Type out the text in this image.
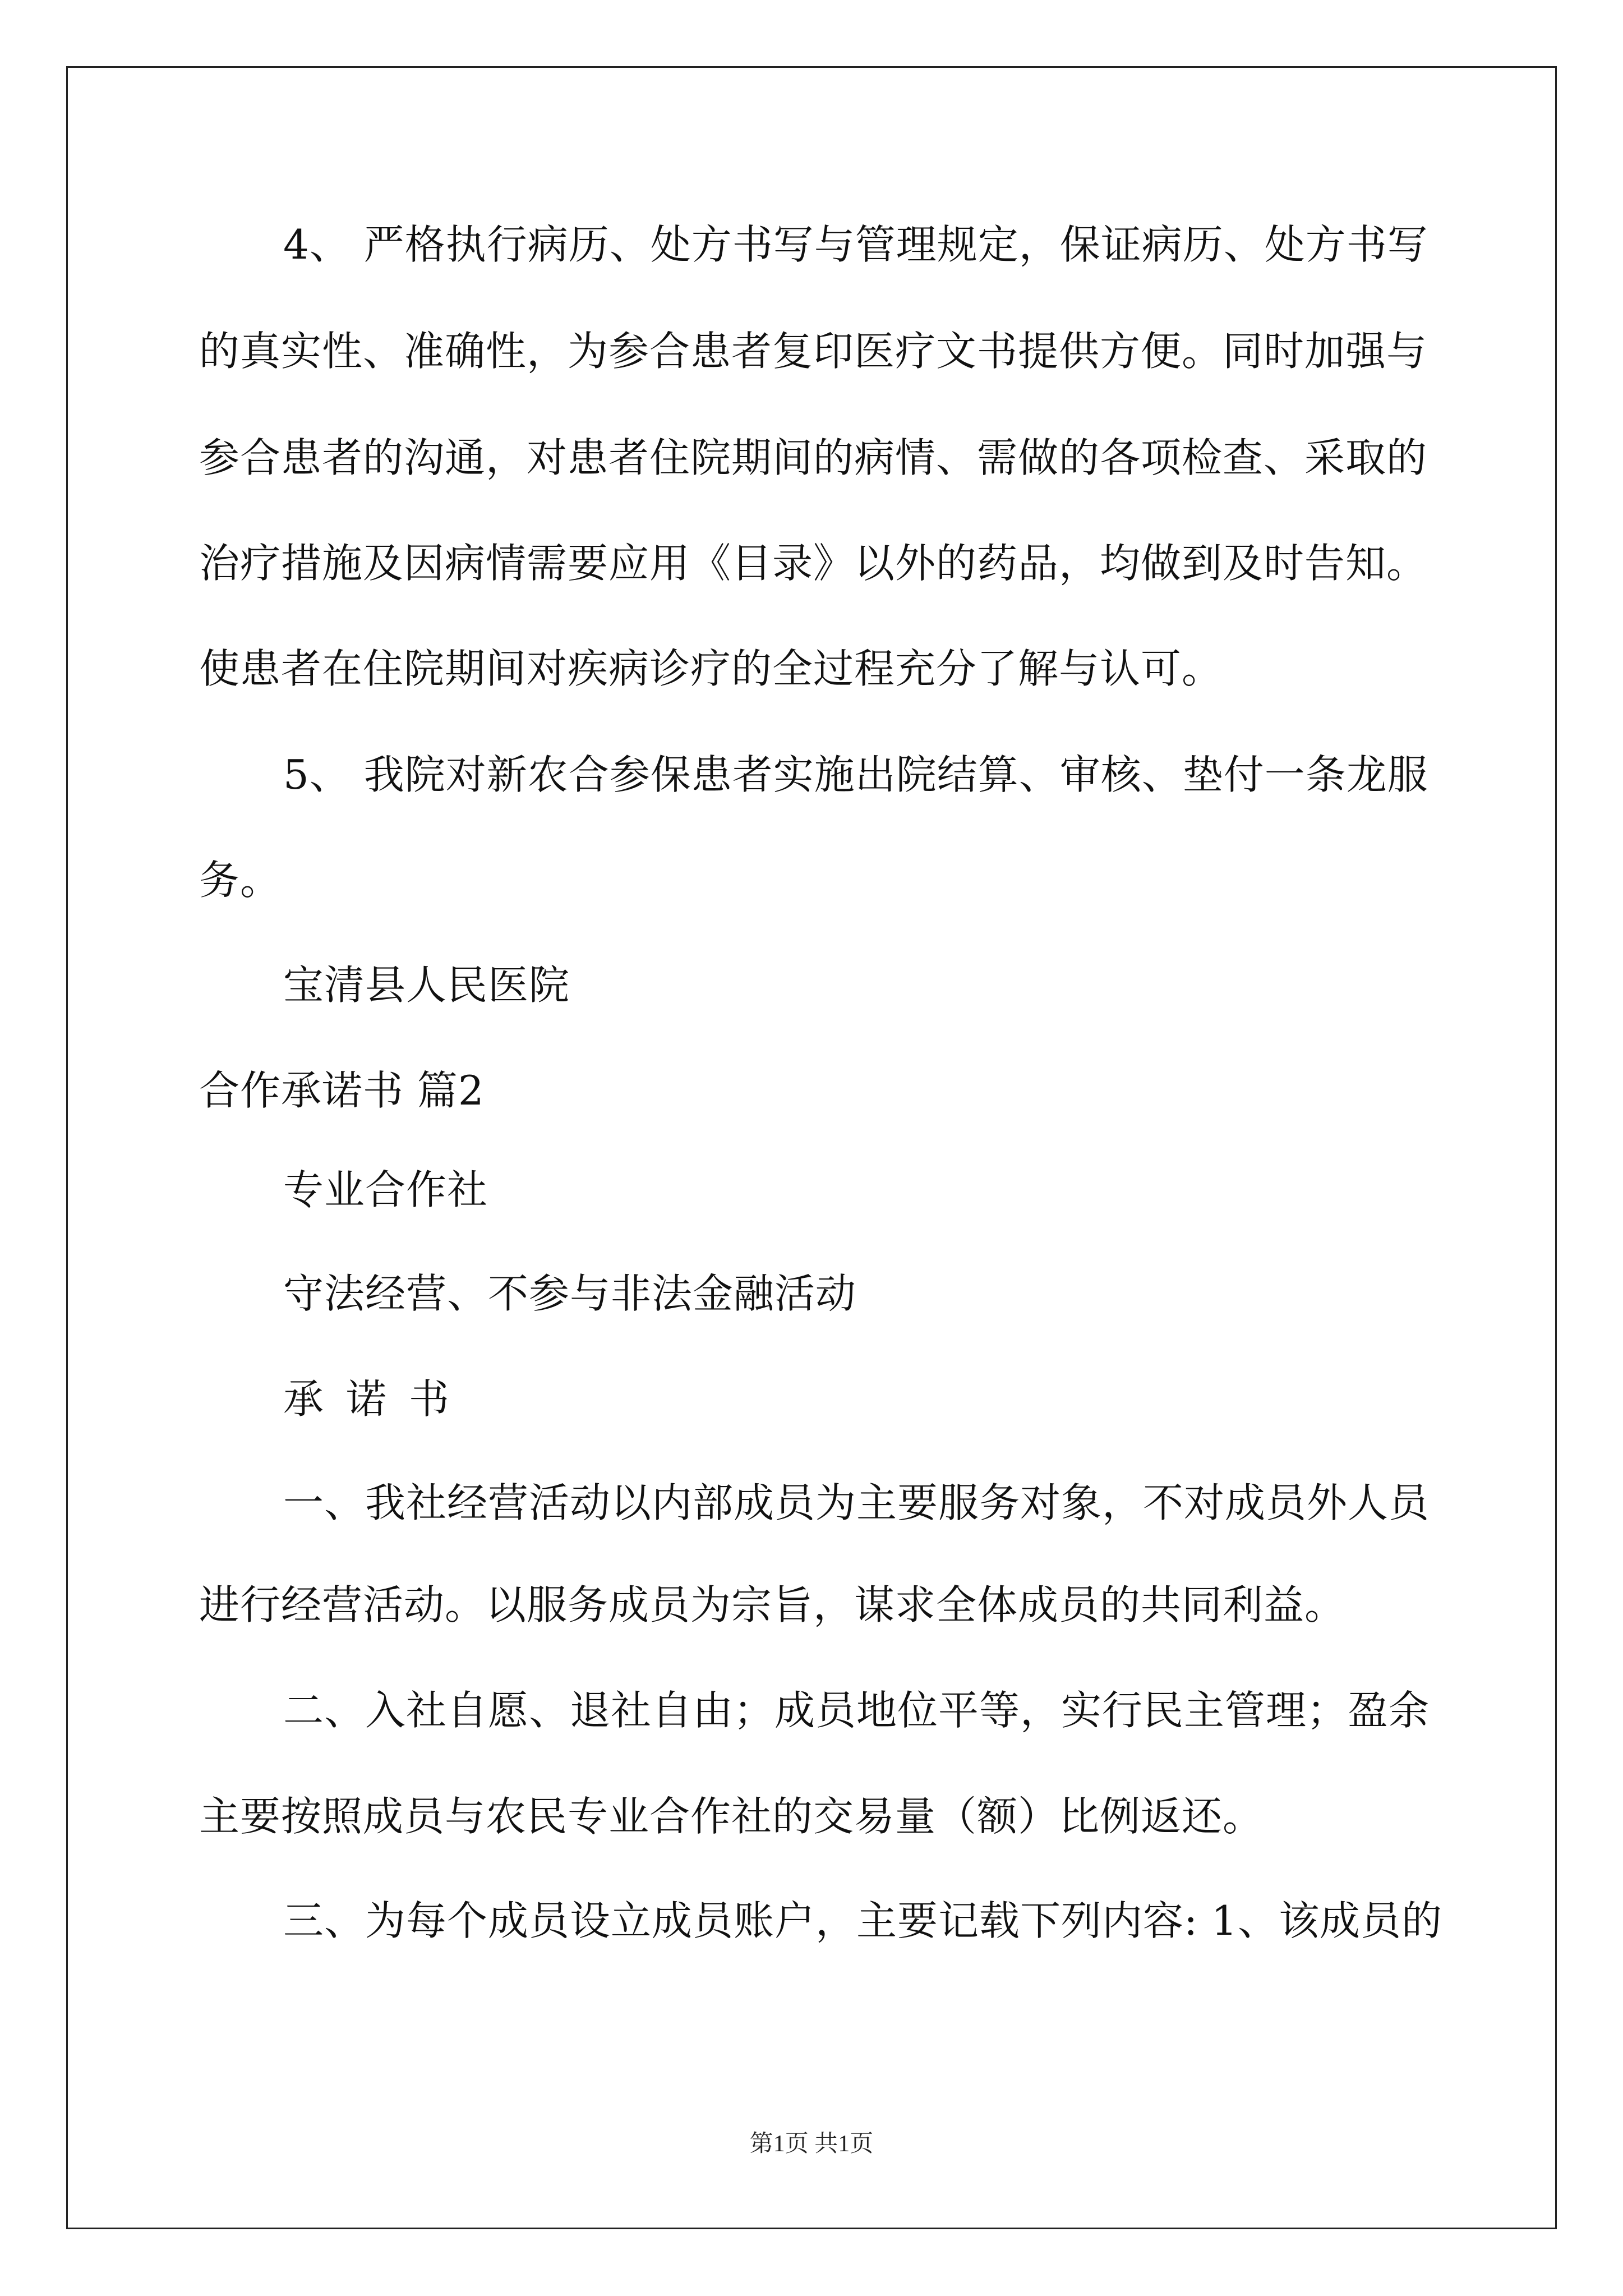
4、 严格执行病历、处方书写与管理规定，保证病历、处方书写
的真实性、准确性，为参合患者复印医疗文书提供方便。同时加强与
参合患者的沟通，对患者住院期间的病情、需做的各项检查、采取的
治疗措施及因病情需要应用《目录》以外的药品，均做到及时告知。
使患者在住院期间对疾病诊疗的全过程充分了解与认可。
5、 我院对新农合参保患者实施出院结算、审核、垫付一条龙服
务。
宝清县人民医院
合作承诺书 篇2
专业合作社
守法经营、不参与非法金融活动
承诺书
一、我社经营活动以内部成员为主要服务对象，不对成员外人员
进行经营活动。以服务成员为宗旨，谋求全体成员的共同利益。
二、入社自愿、退社自由；成员地位平等，实行民主管理；盈余
主要按照成员与农民专业合作社的交易量（额）比例返还。
三、为每个成员设立成员账户，主要记载下列内容: 1、该成员的
第1页 共1页
